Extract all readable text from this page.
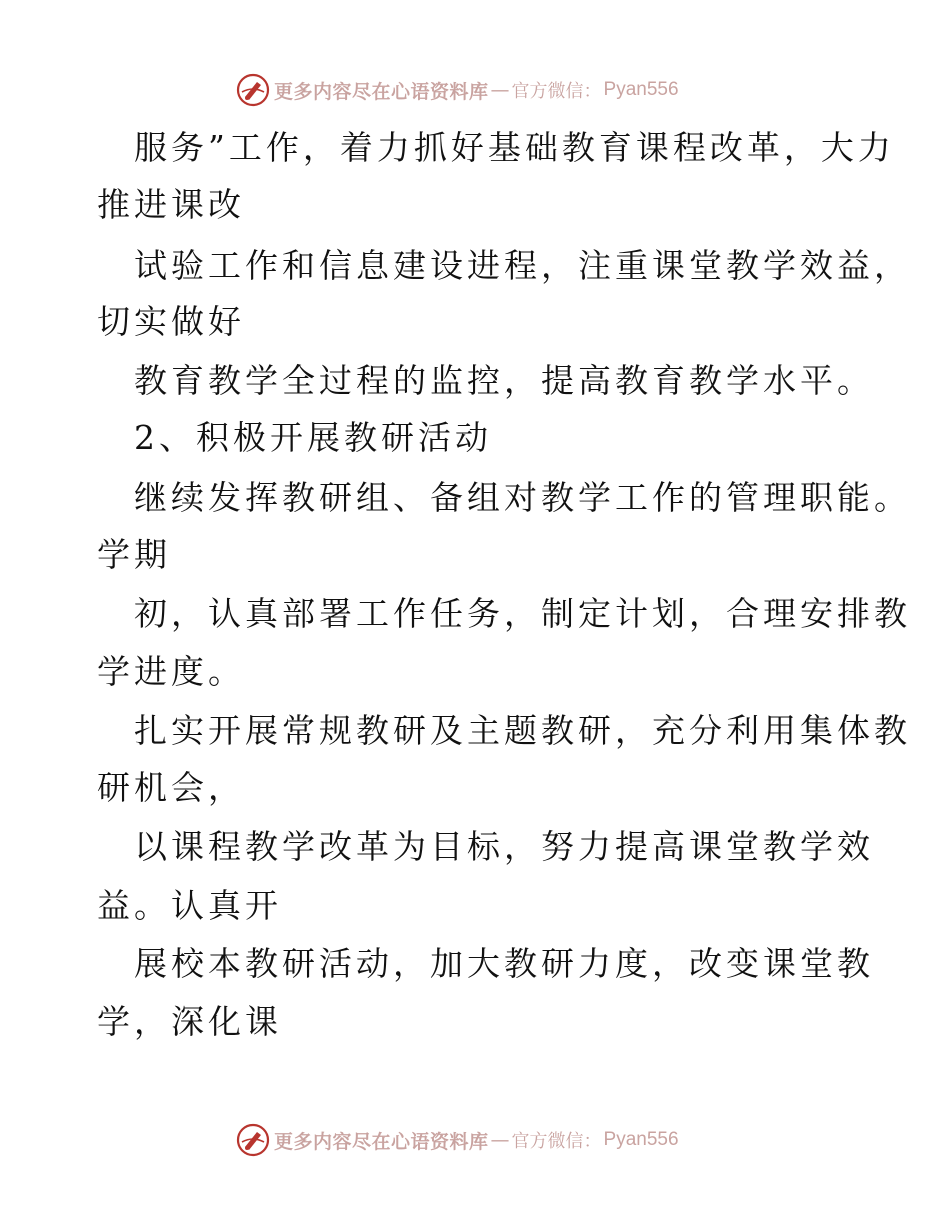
更多内容尽在心语资料库 — 官方微信： Pyan556
服务”工作，着力抓好基础教育课程改革，大力
推进课改
试验工作和信息建设进程，注重课堂教学效益，
切实做好
教育教学全过程的监控，提高教育教学水平。
2、积极开展教研活动
继续发挥教研组、备组对教学工作的管理职能。
学期
初，认真部署工作任务，制定计划，合理安排教
学进度。
扎实开展常规教研及主题教研，充分利用集体教
研机会，
以课程教学改革为目标，努力提高课堂教学效
益。认真开
展校本教研活动，加大教研力度，改变课堂教
学，深化课
更多内容尽在心语资料库 — 官方微信： Pyan556
